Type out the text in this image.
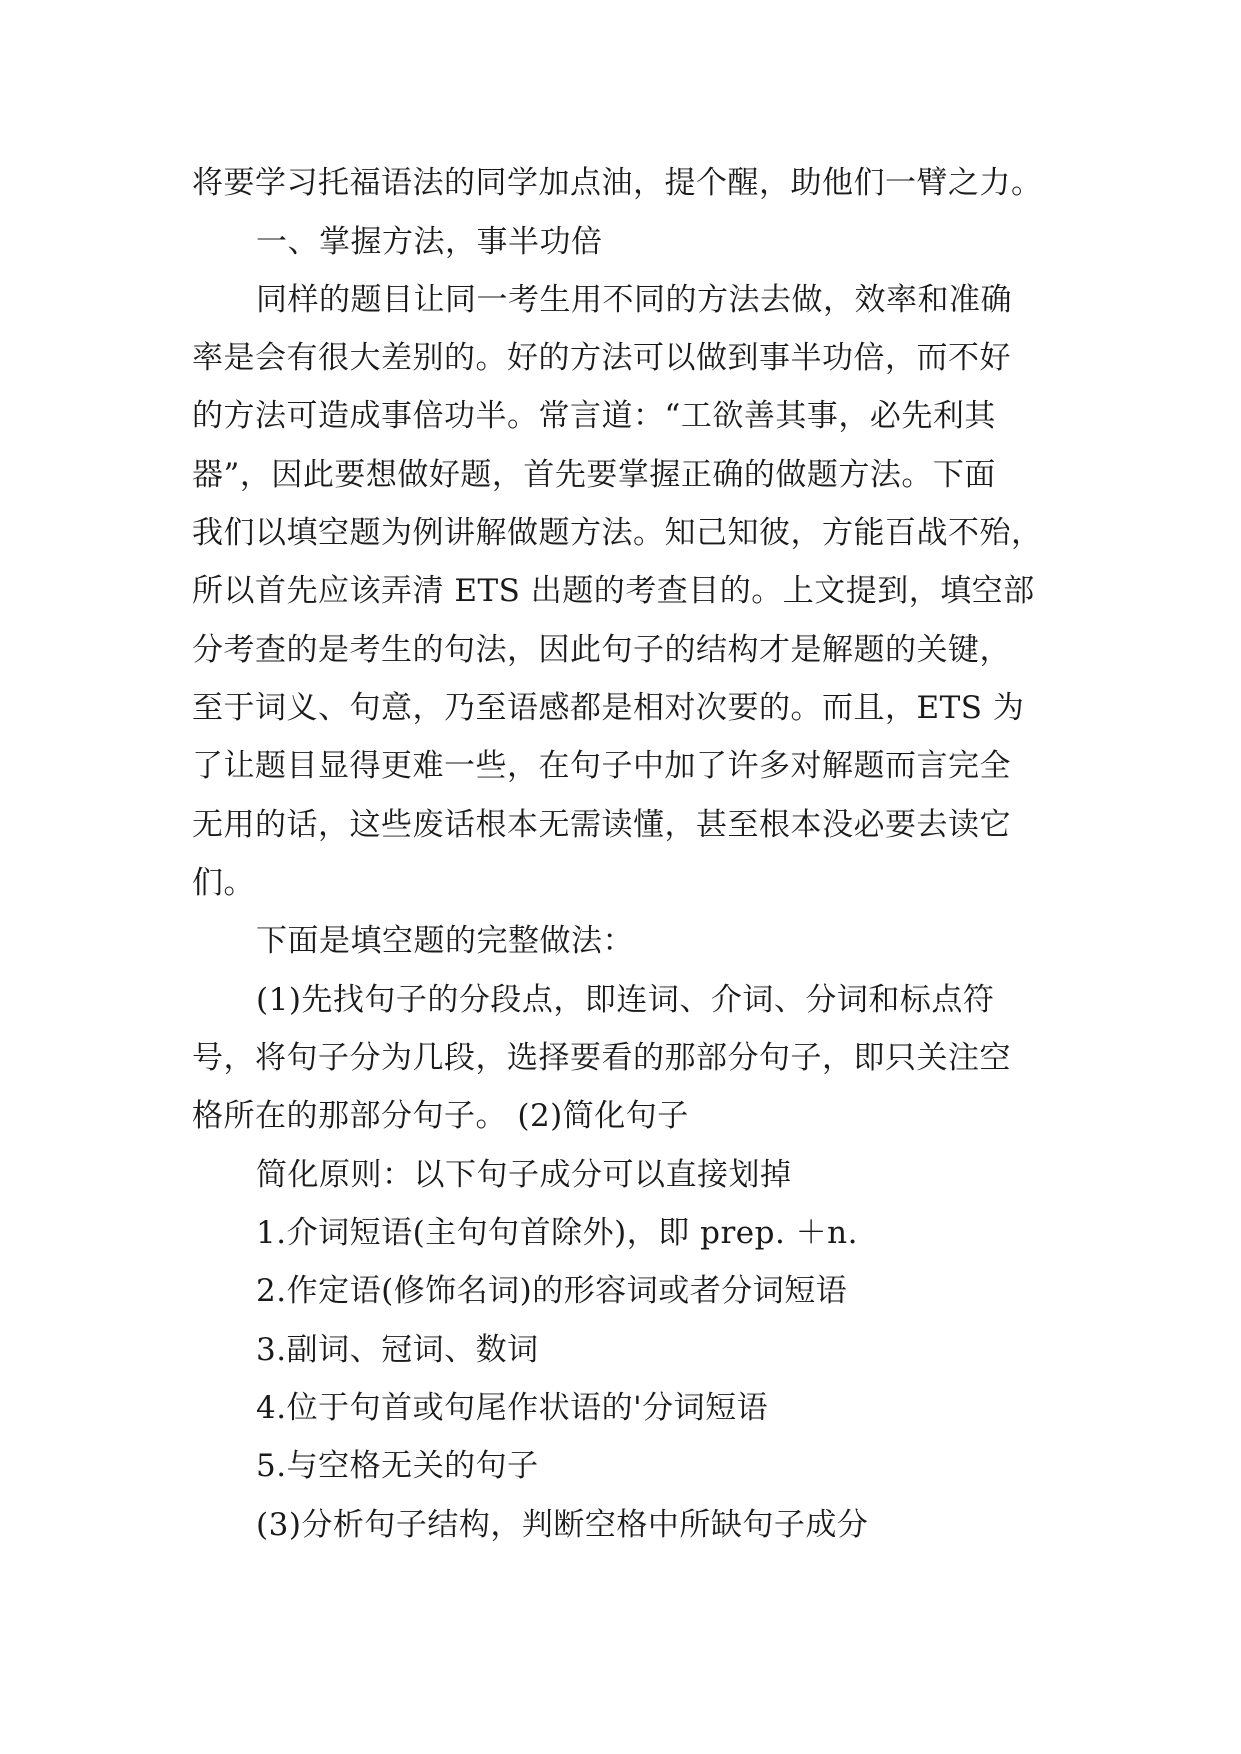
将要学习托福语法的同学加点油，提个醒，助他们一臂之力。
一、掌握方法，事半功倍
同样的题目让同一考生用不同的方法去做，效率和准确
率是会有很大差别的。好的方法可以做到事半功倍，而不好
的方法可造成事倍功半。常言道：“工欲善其事，必先利其
器”，因此要想做好题，首先要掌握正确的做题方法。下面
我们以填空题为例讲解做题方法。知己知彼，方能百战不殆，
所以首先应该弄清 ETS 出题的考查目的。上文提到，填空部
分考查的是考生的句法，因此句子的结构才是解题的关键，
至于词义、句意，乃至语感都是相对次要的。而且，ETS 为
了让题目显得更难一些，在句子中加了许多对解题而言完全
无用的话，这些废话根本无需读懂，甚至根本没必要去读它
们。
下面是填空题的完整做法：
(1)先找句子的分段点，即连词、介词、分词和标点符
号，将句子分为几段，选择要看的那部分句子，即只关注空
格所在的那部分句子。 (2)简化句子
简化原则：以下句子成分可以直接划掉
1.介词短语(主句句首除外)，即 prep. ＋n.
2.作定语(修饰名词)的形容词或者分词短语
3.副词、冠词、数词
4.位于句首或句尾作状语的'分词短语
5.与空格无关的句子
(3)分析句子结构，判断空格中所缺句子成分
